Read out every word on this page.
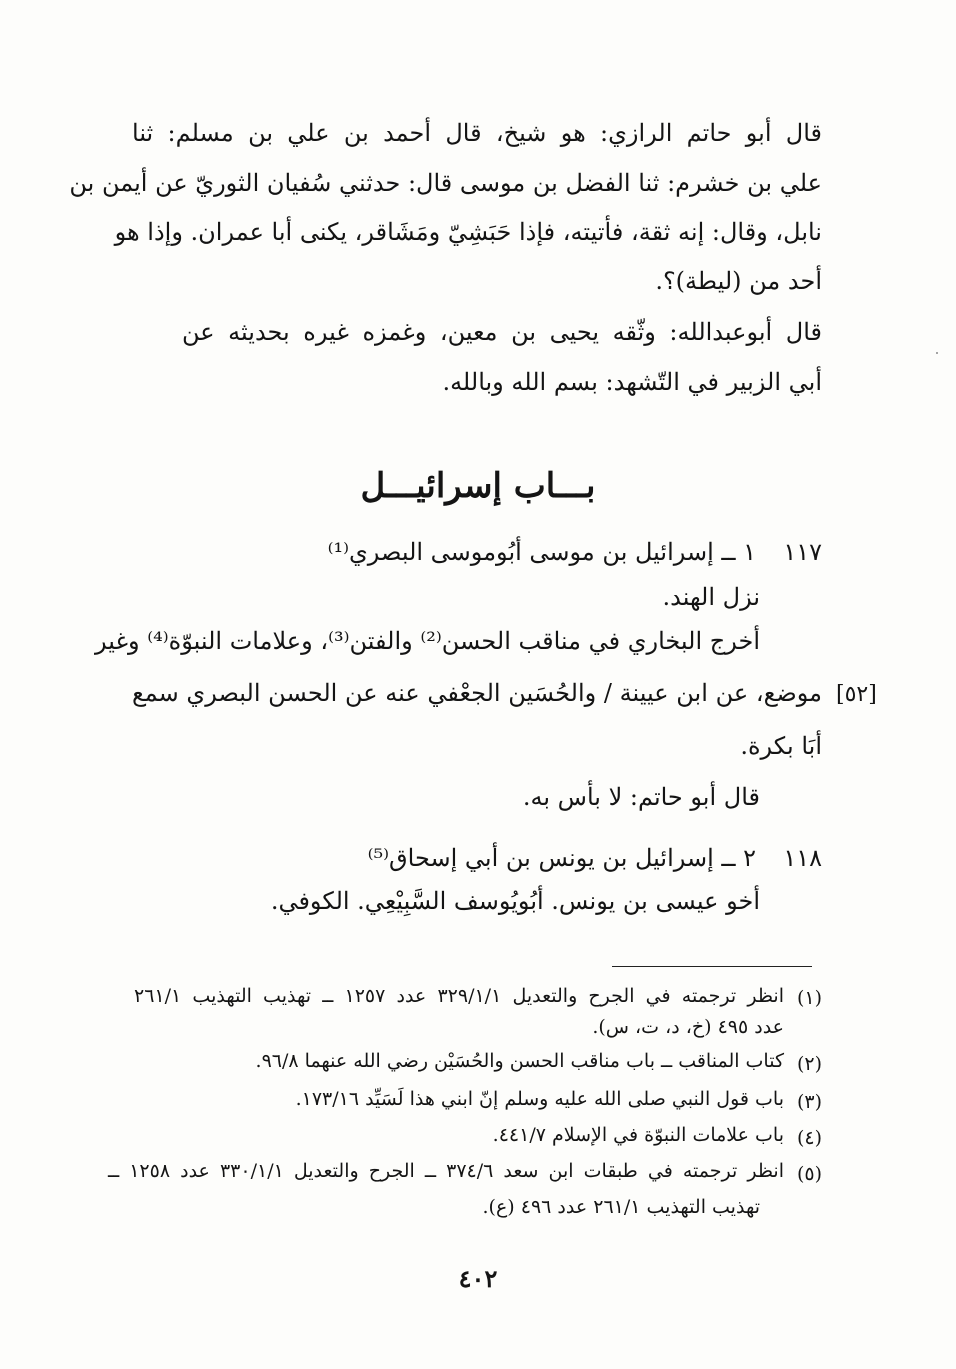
قال أبو حاتم الرازي: هو شيخ، قال أحمد بن علي بن مسلم: ثنا
علي بن خشرم: ثنا الفضل بن موسى قال: حدثني سُفيان الثوريّ عن أيمن بن
نابل، وقال: إنه ثقة، فأتيته، فإذا حَبَشِيّ ومَشَاقر، يكنى أبا عمران. وإذا هو
أحد من (ليطة)؟.
قال أبوعبدالله: وثّقه يحيى بن معين، وغمزه غيره بحديثه عن
أبي الزبير في التّشهد: بسم الله وبالله.
بـــاب إسرائيـــل
١١٧
١ ــ إسرائيل بن موسى أبُوموسى البصري⁽¹⁾
نزل الهند.
أخرج البخاري في مناقب الحسن⁽²⁾ والفتن⁽³⁾، وعلامات النبوّة⁽⁴⁾ وغير
موضع، عن ابن عيينة / والحُسَين الجعْفي عنه عن الحسن البصري سمع [٥٢]
أبَا بكرة.
قال أبو حاتم: لا بأس به.
١١٨
٢ ــ إسرائيل بن يونس بن أبي إسحاق⁽⁵⁾
أخو عيسى بن يونس. أبُويُوسف السَّبِيْعِي. الكوفي.
(١)
انظر ترجمته في الجرح والتعديل ٣٢٩/١/١ عدد ١٢٥٧ ــ تهذيب التهذيب ٢٦١/١
عدد ٤٩٥ (خ، د، ت، س).
(٢)
كتاب المناقب ــ باب مناقب الحسن والحُسَيْن رضي الله عنهما ٩٦/٨.
(٣)
باب قول النبي صلى الله عليه وسلم إنّ ابني هذا لَسَيِّد ١٧٣/١٦.
(٤)
باب علامات النبوّة في الإسلام ٤٤١/٧.
(٥)
انظر ترجمته في طبقات ابن سعد ٣٧٤/٦ ــ الجرح والتعديل ٣٣٠/١/١ عدد ١٢٥٨ ــ
تهذيب التهذيب ٢٦١/١ عدد ٤٩٦ (ع).
٤٠٢
